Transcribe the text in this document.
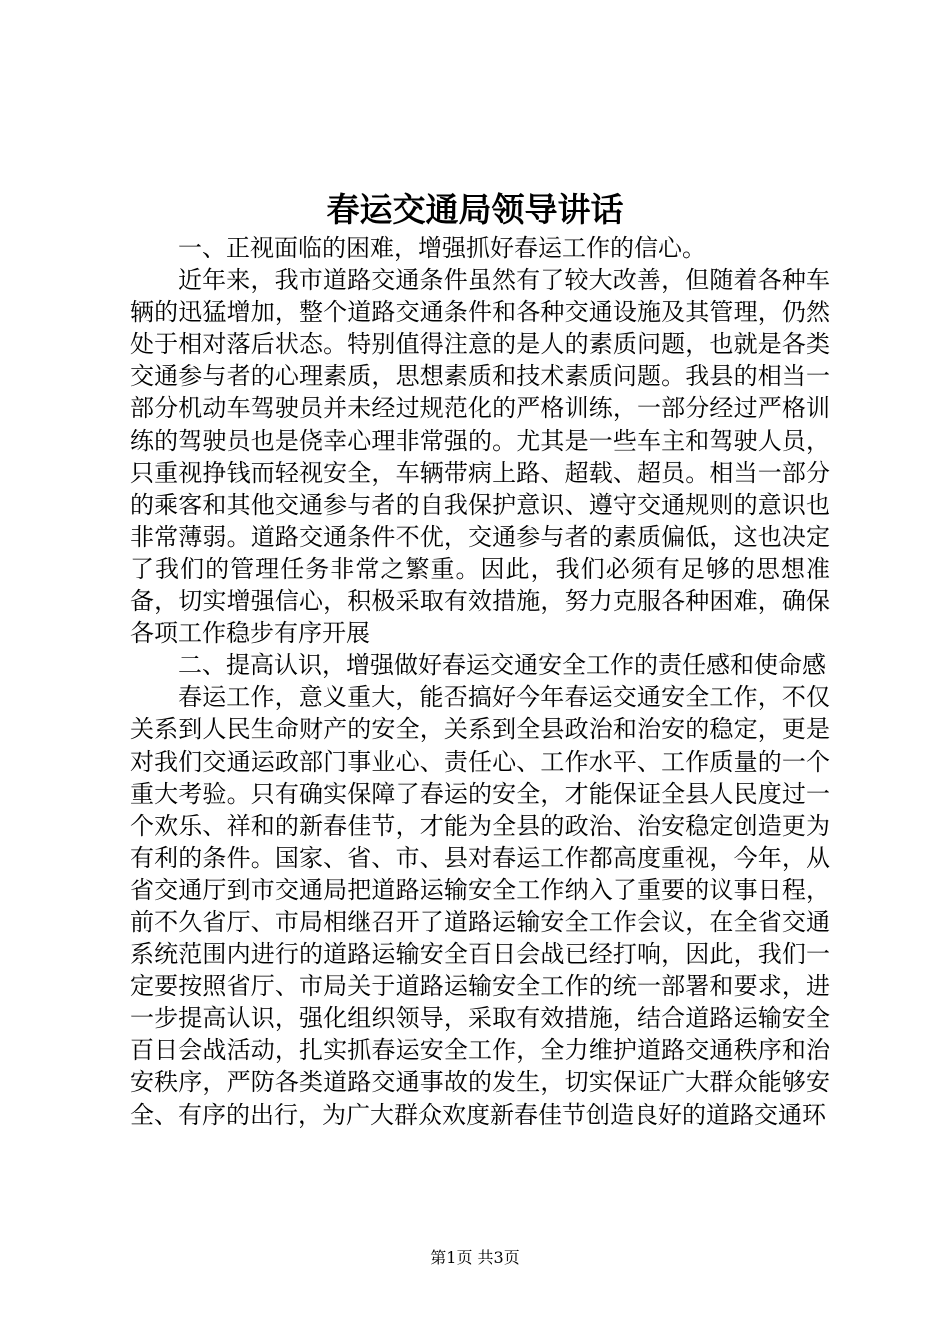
春运交通局领导讲话

一、正视面临的困难，增强抓好春运工作的信心。

近年来，我市道路交通条件虽然有了较大改善，但随着各种车辆的迅猛增加，整个道路交通条件和各种交通设施及其管理，仍然处于相对落后状态。特别值得注意的是人的素质问题，也就是各类交通参与者的心理素质，思想素质和技术素质问题。我县的相当一部分机动车驾驶员并未经过规范化的严格训练，一部分经过严格训练的驾驶员也是侥幸心理非常强的。尤其是一些车主和驾驶人员，只重视挣钱而轻视安全，车辆带病上路、超载、超员。相当一部分的乘客和其他交通参与者的自我保护意识、遵守交通规则的意识也非常薄弱。道路交通条件不优，交通参与者的素质偏低，这也决定了我们的管理任务非常之繁重。因此，我们必须有足够的思想准备，切实增强信心，积极采取有效措施，努力克服各种困难，确保各项工作稳步有序开展

二、提高认识，增强做好春运交通安全工作的责任感和使命感

春运工作，意义重大，能否搞好今年春运交通安全工作，不仅关系到人民生命财产的安全，关系到全县政治和治安的稳定，更是对我们交通运政部门事业心、责任心、工作水平、工作质量的一个重大考验。只有确实保障了春运的安全，才能保证全县人民度过一个欢乐、祥和的新春佳节，才能为全县的政治、治安稳定创造更为有利的条件。国家、省、市、县对春运工作都高度重视，今年，从省交通厅到市交通局把道路运输安全工作纳入了重要的议事日程，前不久省厅、市局相继召开了道路运输安全工作会议，在全省交通系统范围内进行的道路运输安全百日会战已经打响，因此，我们一定要按照省厅、市局关于道路运输安全工作的统一部署和要求，进一步提高认识，强化组织领导，采取有效措施，结合道路运输安全百日会战活动，扎实抓春运安全工作，全力维护道路交通秩序和治安秩序，严防各类道路交通事故的发生，切实保证广大群众能够安全、有序的出行，为广大群众欢度新春佳节创造良好的道路交通环

第1页 共3页
